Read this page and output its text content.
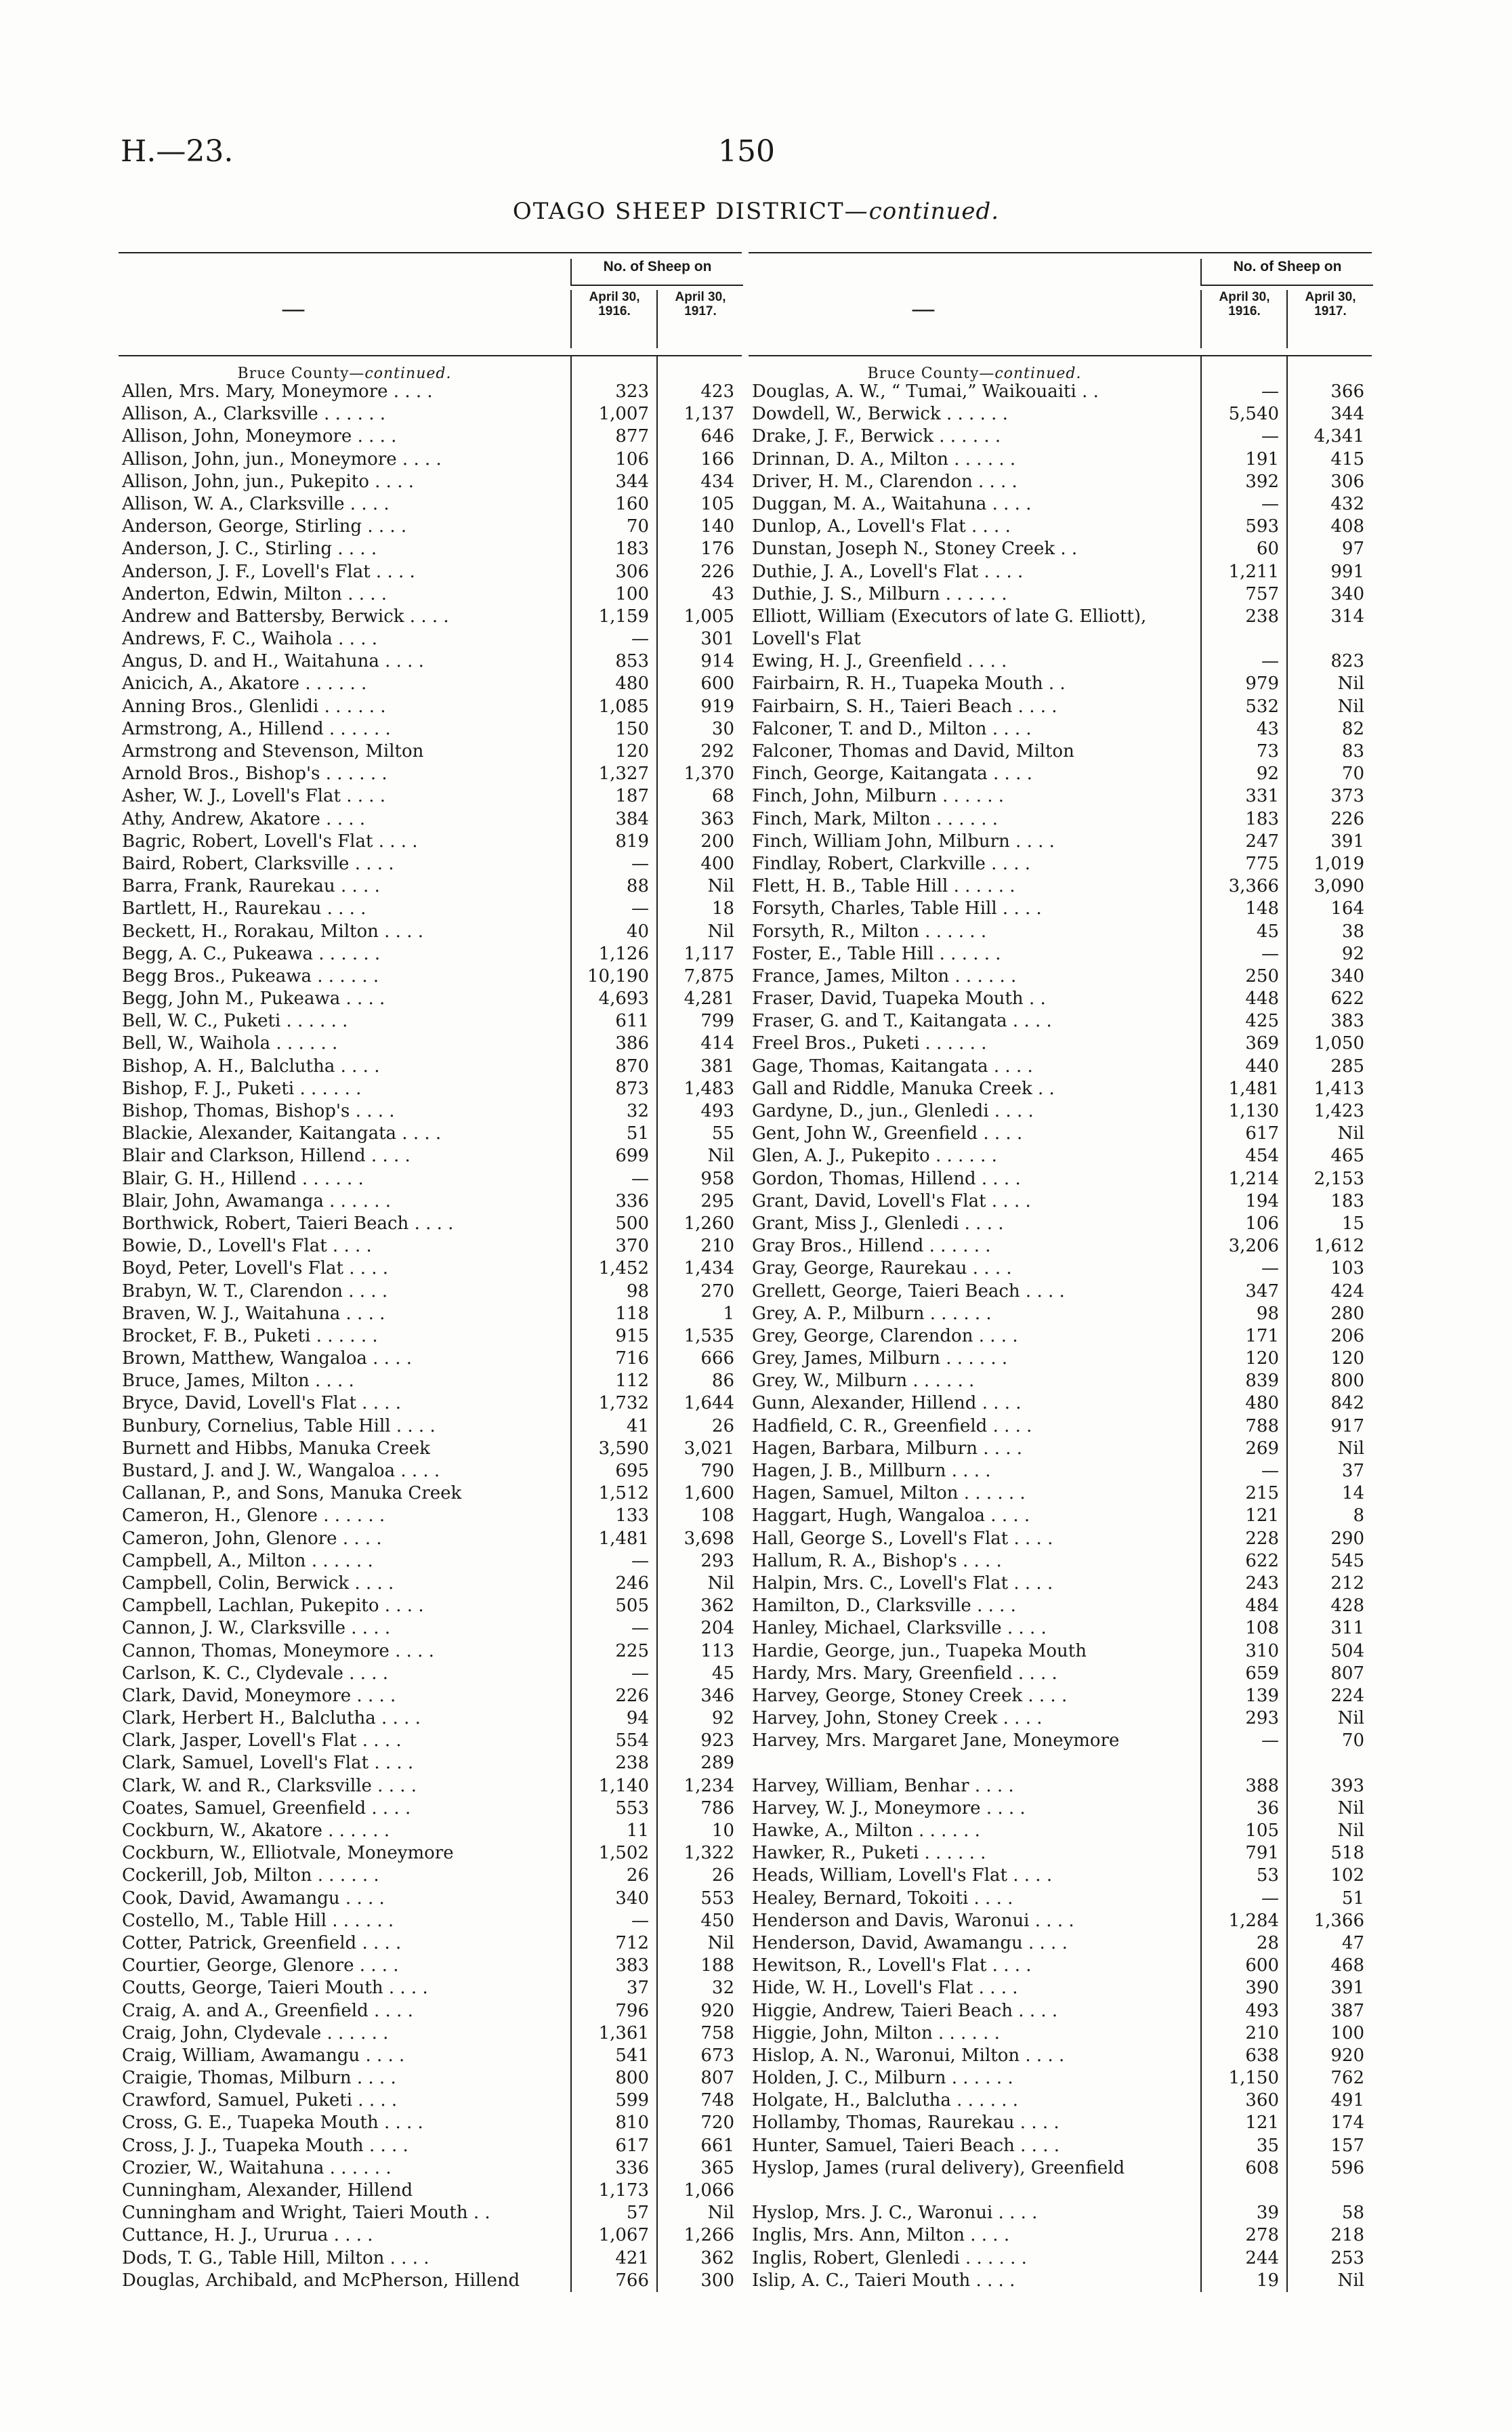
H.—23.	150
OTAGO SHEEP DISTRICT—continued.
—
No. of Sheep on
April 30,
1916.
April 30,
1917.
Bruce County—continued.
Allen, Mrs. Mary, Moneymore . . . .	323	423
Allison, A., Clarksville . . . . . .	1,007	1,137
Allison, John, Moneymore . . . .	877	646
Allison, John, jun., Moneymore . . . .	106	166
Allison, John, jun., Pukepito . . . .	344	434
Allison, W. A., Clarksville . . . .	160	105
Anderson, George, Stirling . . . .	70	140
Anderson, J. C., Stirling . . . .	183	176
Anderson, J. F., Lovell's Flat . . . .	306	226
Anderton, Edwin, Milton . . . .	100	43
Andrew and Battersby, Berwick . . . .	1,159	1,005
Andrews, F. C., Waihola . . . .	—	301
Angus, D. and H., Waitahuna . . . .	853	914
Anicich, A., Akatore . . . . . .	480	600
Anning Bros., Glenlidi . . . . . .	1,085	919
Armstrong, A., Hillend . . . . . .	150	30
Armstrong and Stevenson, Milton	120	292
Arnold Bros., Bishop's . . . . . .	1,327	1,370
Asher, W. J., Lovell's Flat . . . .	187	68
Athy, Andrew, Akatore . . . .	384	363
Bagric, Robert, Lovell's Flat . . . .	819	200
Baird, Robert, Clarksville . . . .	—	400
Barra, Frank, Raurekau . . . .	88	Nil
Bartlett, H., Raurekau . . . .	—	18
Beckett, H., Rorakau, Milton . . . .	40	Nil
Begg, A. C., Pukeawa . . . . . .	1,126	1,117
Begg Bros., Pukeawa . . . . . .	10,190	7,875
Begg, John M., Pukeawa . . . .	4,693	4,281
Bell, W. C., Puketi . . . . . .	611	799
Bell, W., Waihola . . . . . .	386	414
Bishop, A. H., Balclutha . . . .	870	381
Bishop, F. J., Puketi . . . . . .	873	1,483
Bishop, Thomas, Bishop's . . . .	32	493
Blackie, Alexander, Kaitangata . . . .	51	55
Blair and Clarkson, Hillend . . . .	699	Nil
Blair, G. H., Hillend . . . . . .	—	958
Blair, John, Awamanga . . . . . .	336	295
Borthwick, Robert, Taieri Beach . . . .	500	1,260
Bowie, D., Lovell's Flat . . . .	370	210
Boyd, Peter, Lovell's Flat . . . .	1,452	1,434
Brabyn, W. T., Clarendon . . . .	98	270
Braven, W. J., Waitahuna . . . .	118	1
Brocket, F. B., Puketi . . . . . .	915	1,535
Brown, Matthew, Wangaloa . . . .	716	666
Bruce, James, Milton . . . .	112	86
Bryce, David, Lovell's Flat . . . .	1,732	1,644
Bunbury, Cornelius, Table Hill . . . .	41	26
Burnett and Hibbs, Manuka Creek	3,590	3,021
Bustard, J. and J. W., Wangaloa . . . .	695	790
Callanan, P., and Sons, Manuka Creek	1,512	1,600
Cameron, H., Glenore . . . . . .	133	108
Cameron, John, Glenore . . . .	1,481	3,698
Campbell, A., Milton . . . . . .	—	293
Campbell, Colin, Berwick . . . .	246	Nil
Campbell, Lachlan, Pukepito . . . .	505	362
Cannon, J. W., Clarksville . . . .	—	204
Cannon, Thomas, Moneymore . . . .	225	113
Carlson, K. C., Clydevale . . . .	—	45
Clark, David, Moneymore . . . .	226	346
Clark, Herbert H., Balclutha . . . .	94	92
Clark, Jasper, Lovell's Flat . . . .	554	923
Clark, Samuel, Lovell's Flat . . . .	238	289
Clark, W. and R., Clarksville . . . .	1,140	1,234
Coates, Samuel, Greenfield . . . .	553	786
Cockburn, W., Akatore . . . . . .	11	10
Cockburn, W., Elliotvale, Moneymore	1,502	1,322
Cockerill, Job, Milton . . . . . .	26	26
Cook, David, Awamangu . . . .	340	553
Costello, M., Table Hill . . . . . .	—	450
Cotter, Patrick, Greenfield . . . .	712	Nil
Courtier, George, Glenore . . . .	383	188
Coutts, George, Taieri Mouth . . . .	37	32
Craig, A. and A., Greenfield . . . .	796	920
Craig, John, Clydevale . . . . . .	1,361	758
Craig, William, Awamangu . . . .	541	673
Craigie, Thomas, Milburn . . . .	800	807
Crawford, Samuel, Puketi . . . .	599	748
Cross, G. E., Tuapeka Mouth . . . .	810	720
Cross, J. J., Tuapeka Mouth . . . .	617	661
Crozier, W., Waitahuna . . . . . .	336	365
Cunningham, Alexander, Hillend	1,173	1,066
Cunningham and Wright, Taieri Mouth . .	57	Nil
Cuttance, H. J., Ururua . . . .	1,067	1,266
Dods, T. G., Table Hill, Milton . . . .	421	362
Douglas, Archibald, and McPherson, Hillend	766	300
—
No. of Sheep on
April 30,
1916.
April 30,
1917.
Bruce County—continued.
Douglas, A. W., “ Tumai,” Waikouaiti . .	—	366
Dowdell, W., Berwick . . . . . .	5,540	344
Drake, J. F., Berwick . . . . . .	—	4,341
Drinnan, D. A., Milton . . . . . .	191	415
Driver, H. M., Clarendon . . . .	392	306
Duggan, M. A., Waitahuna . . . .	—	432
Dunlop, A., Lovell's Flat . . . .	593	408
Dunstan, Joseph N., Stoney Creek . .	60	97
Duthie, J. A., Lovell's Flat . . . .	1,211	991
Duthie, J. S., Milburn . . . . . .	757	340
Elliott, William (Executors of late G. Elliott), Lovell's Flat
238	314
Ewing, H. J., Greenfield . . . .	—	823
Fairbairn, R. H., Tuapeka Mouth . .	979	Nil
Fairbairn, S. H., Taieri Beach . . . .	532	Nil
Falconer, T. and D., Milton . . . .	43	82
Falconer, Thomas and David, Milton	73	83
Finch, George, Kaitangata . . . .	92	70
Finch, John, Milburn . . . . . .	331	373
Finch, Mark, Milton . . . . . .	183	226
Finch, William John, Milburn . . . .	247	391
Findlay, Robert, Clarkville . . . .	775	1,019
Flett, H. B., Table Hill . . . . . .	3,366	3,090
Forsyth, Charles, Table Hill . . . .	148	164
Forsyth, R., Milton . . . . . .	45	38
Foster, E., Table Hill . . . . . .	—	92
France, James, Milton . . . . . .	250	340
Fraser, David, Tuapeka Mouth . .	448	622
Fraser, G. and T., Kaitangata . . . .	425	383
Freel Bros., Puketi . . . . . .	369	1,050
Gage, Thomas, Kaitangata . . . .	440	285
Gall and Riddle, Manuka Creek . .	1,481	1,413
Gardyne, D., jun., Glenledi . . . .	1,130	1,423
Gent, John W., Greenfield . . . .	617	Nil
Glen, A. J., Pukepito . . . . . .	454	465
Gordon, Thomas, Hillend . . . .	1,214	2,153
Grant, David, Lovell's Flat . . . .	194	183
Grant, Miss J., Glenledi . . . .	106	15
Gray Bros., Hillend . . . . . .	3,206	1,612
Gray, George, Raurekau . . . .	—	103
Grellett, George, Taieri Beach . . . .	347	424
Grey, A. P., Milburn . . . . . .	98	280
Grey, George, Clarendon . . . .	171	206
Grey, James, Milburn . . . . . .	120	120
Grey, W., Milburn . . . . . .	839	800
Gunn, Alexander, Hillend . . . .	480	842
Hadfield, C. R., Greenfield . . . .	788	917
Hagen, Barbara, Milburn . . . .	269	Nil
Hagen, J. B., Millburn . . . .	—	37
Hagen, Samuel, Milton . . . . . .	215	14
Haggart, Hugh, Wangaloa . . . .	121	8
Hall, George S., Lovell's Flat . . . .	228	290
Hallum, R. A., Bishop's . . . .	622	545
Halpin, Mrs. C., Lovell's Flat . . . .	243	212
Hamilton, D., Clarksville . . . .	484	428
Hanley, Michael, Clarksville . . . .	108	311
Hardie, George, jun., Tuapeka Mouth	310	504
Hardy, Mrs. Mary, Greenfield . . . .	659	807
Harvey, George, Stoney Creek . . . .	139	224
Harvey, John, Stoney Creek . . . .	293	Nil
Harvey, Mrs. Margaret Jane, Moneymore	—	70
Harvey, William, Benhar . . . .	388	393
Harvey, W. J., Moneymore . . . .	36	Nil
Hawke, A., Milton . . . . . .	105	Nil
Hawker, R., Puketi . . . . . .	791	518
Heads, William, Lovell's Flat . . . .	53	102
Healey, Bernard, Tokoiti . . . .	—	51
Henderson and Davis, Waronui . . . .	1,284	1,366
Henderson, David, Awamangu . . . .	28	47
Hewitson, R., Lovell's Flat . . . .	600	468
Hide, W. H., Lovell's Flat . . . .	390	391
Higgie, Andrew, Taieri Beach . . . .	493	387
Higgie, John, Milton . . . . . .	210	100
Hislop, A. N., Waronui, Milton . . . .	638	920
Holden, J. C., Milburn . . . . . .	1,150	762
Holgate, H., Balclutha . . . . . .	360	491
Hollamby, Thomas, Raurekau . . . .	121	174
Hunter, Samuel, Taieri Beach . . . .	35	157
Hyslop, James (rural delivery), Greenfield	608	596
Hyslop, Mrs. J. C., Waronui . . . .	39	58
Inglis, Mrs. Ann, Milton . . . .	278	218
Inglis, Robert, Glenledi . . . . . .	244	253
Islip, A. C., Taieri Mouth . . . .	19	Nil
